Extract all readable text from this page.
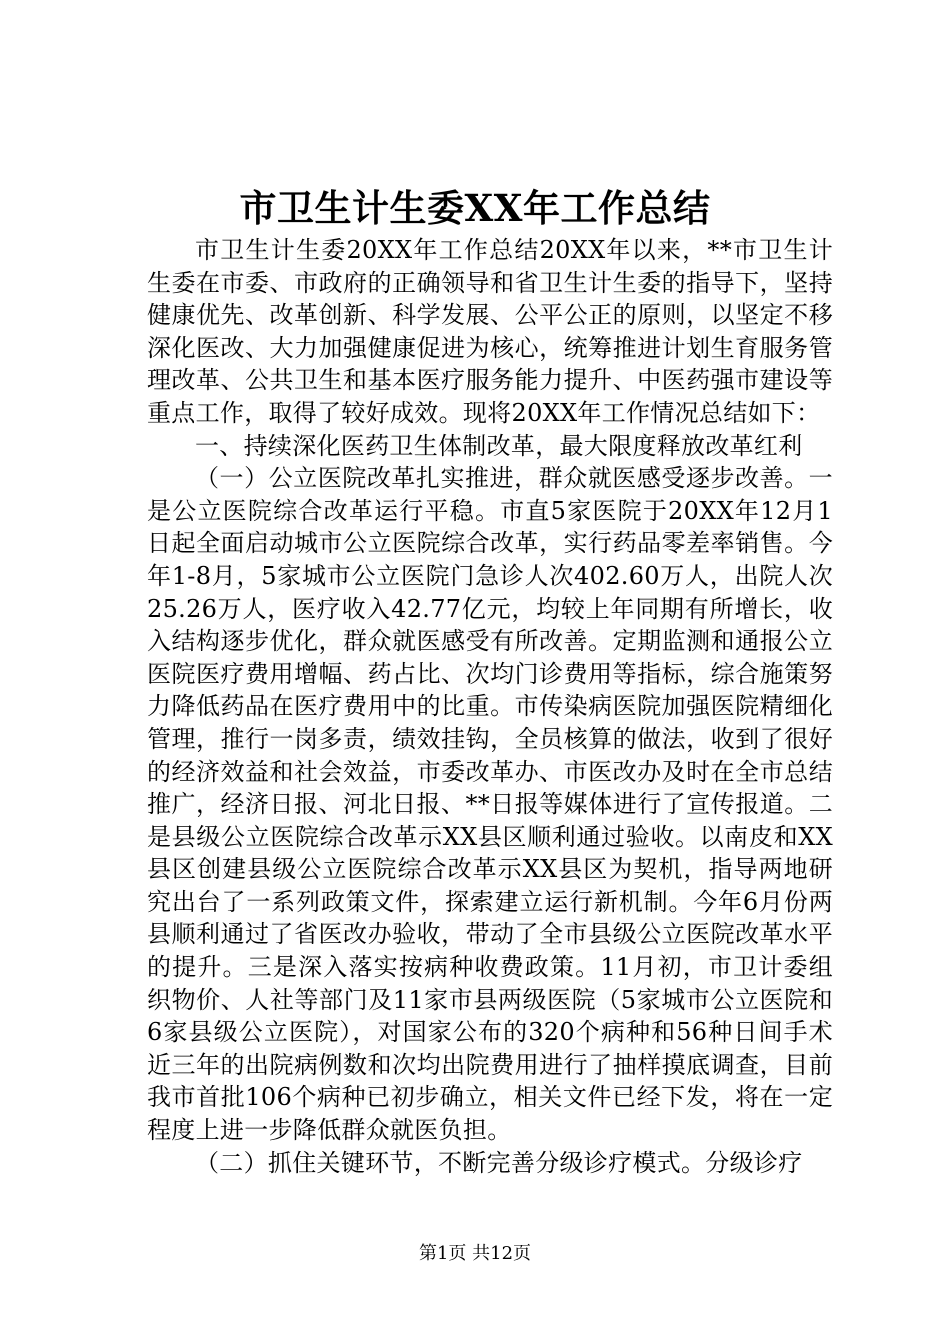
市卫生计生委XX年工作总结

市卫生计生委20XX年工作总结20XX年以来，**市卫生计生委在市委、市政府的正确领导和省卫生计生委的指导下，坚持健康优先、改革创新、科学发展、公平公正的原则，以坚定不移深化医改、大力加强健康促进为核心，统筹推进计划生育服务管理改革、公共卫生和基本医疗服务能力提升、中医药强市建设等重点工作，取得了较好成效。现将20XX年工作情况总结如下：

一、持续深化医药卫生体制改革，最大限度释放改革红利

（一）公立医院改革扎实推进，群众就医感受逐步改善。一是公立医院综合改革运行平稳。市直5家医院于20XX年12月1日起全面启动城市公立医院综合改革，实行药品零差率销售。今年1-8月，5家城市公立医院门急诊人次402.60万人，出院人次25.26万人，医疗收入42.77亿元，均较上年同期有所增长，收入结构逐步优化，群众就医感受有所改善。定期监测和通报公立医院医疗费用增幅、药占比、次均门诊费用等指标，综合施策努力降低药品在医疗费用中的比重。市传染病医院加强医院精细化管理，推行一岗多责，绩效挂钩，全员核算的做法，收到了很好的经济效益和社会效益，市委改革办、市医改办及时在全市总结推广，经济日报、河北日报、**日报等媒体进行了宣传报道。二是县级公立医院综合改革示XX县区顺利通过验收。以南皮和XX县区创建县级公立医院综合改革示XX县区为契机，指导两地研究出台了一系列政策文件，探索建立运行新机制。今年6月份两县顺利通过了省医改办验收，带动了全市县级公立医院改革水平的提升。三是深入落实按病种收费政策。11月初，市卫计委组织物价、人社等部门及11家市县两级医院（5家城市公立医院和6家县级公立医院），对国家公布的320个病种和56种日间手术近三年的出院病例数和次均出院费用进行了抽样摸底调查，目前我市首批106个病种已初步确立，相关文件已经下发，将在一定程度上进一步降低群众就医负担。

（二）抓住关键环节，不断完善分级诊疗模式。分级诊疗

第1页 共12页
